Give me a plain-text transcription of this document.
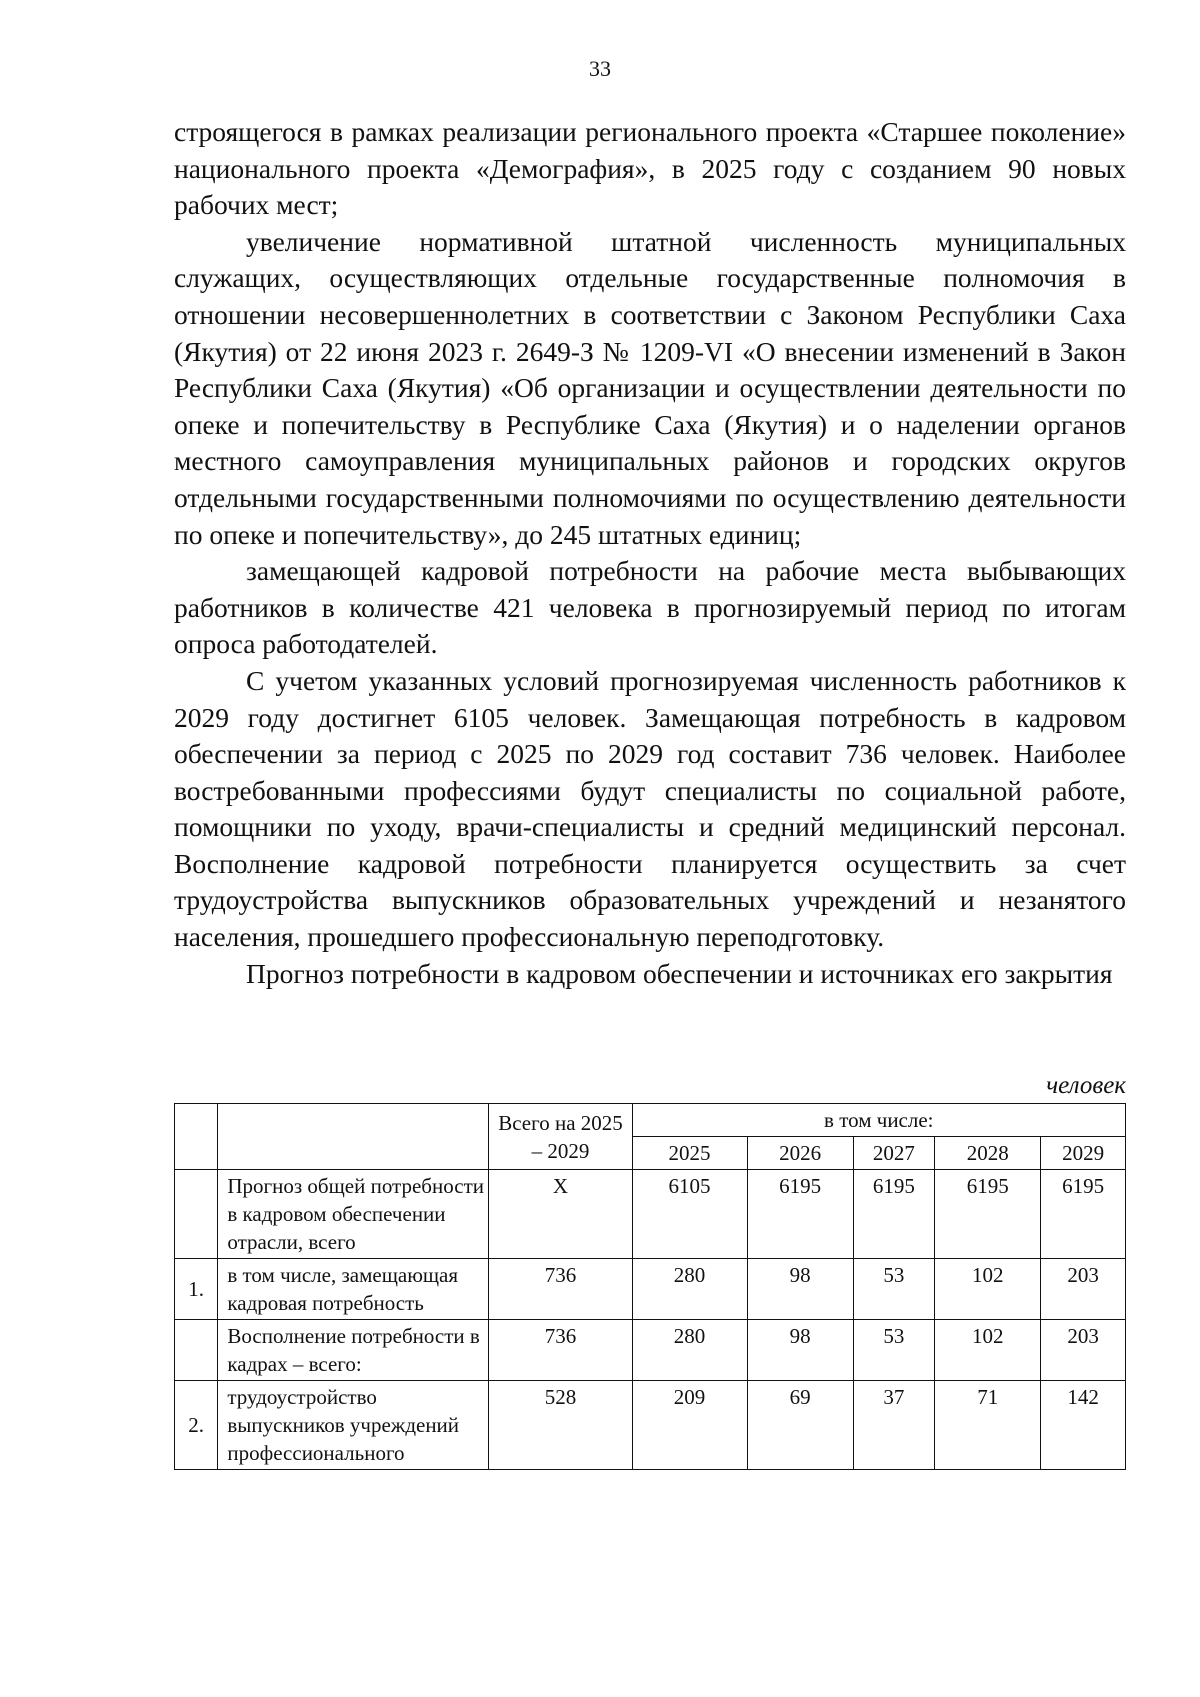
33

строящегося в рамках реализации регионального проекта «Старшее поколение» национального проекта «Демография», в 2025 году с созданием 90 новых рабочих мест;

увеличение нормативной штатной численность муниципальных служащих, осуществляющих отдельные государственные полномочия в отношении несовершеннолетних в соответствии с Законом Республики Саха (Якутия) от 22 июня 2023 г. 2649-З № 1209-VI «О внесении изменений в Закон Республики Саха (Якутия) «Об организации и осуществлении деятельности по опеке и попечительству в Республике Саха (Якутия) и о наделении органов местного самоуправления муниципальных районов и городских округов отдельными государственными полномочиями по осуществлению деятельности по опеке и попечительству», до 245 штатных единиц;

замещающей кадровой потребности на рабочие места выбывающих работников в количестве 421 человека в прогнозируемый период по итогам опроса работодателей.

С учетом указанных условий прогнозируемая численность работников к 2029 году достигнет 6105 человек. Замещающая потребность в кадровом обеспечении за период с 2025 по 2029 год составит 736 человек. Наиболее востребованными профессиями будут специалисты по социальной работе, помощники по уходу, врачи-специалисты и средний медицинский персонал. Восполнение кадровой потребности планируется осуществить за счет трудоустройства выпускников образовательных учреждений и незанятого населения, прошедшего профессиональную переподготовку.

Прогноз потребности в кадровом обеспечении и источниках его закрытия

человек
		Всего на 2025 – 2029	в том числе:				
			2025	2026	2027	2028	2029
	Прогноз общей потребности в кадровом обеспечении отрасли, всего	Х	6105	6195	6195	6195	6195
1.	в том числе, замещающая кадровая потребность	736	280	98	53	102	203
	Восполнение потребности в кадрах – всего:	736	280	98	53	102	203
2.	трудоустройство выпускников учреждений профессионального	528	209	69	37	71	142
